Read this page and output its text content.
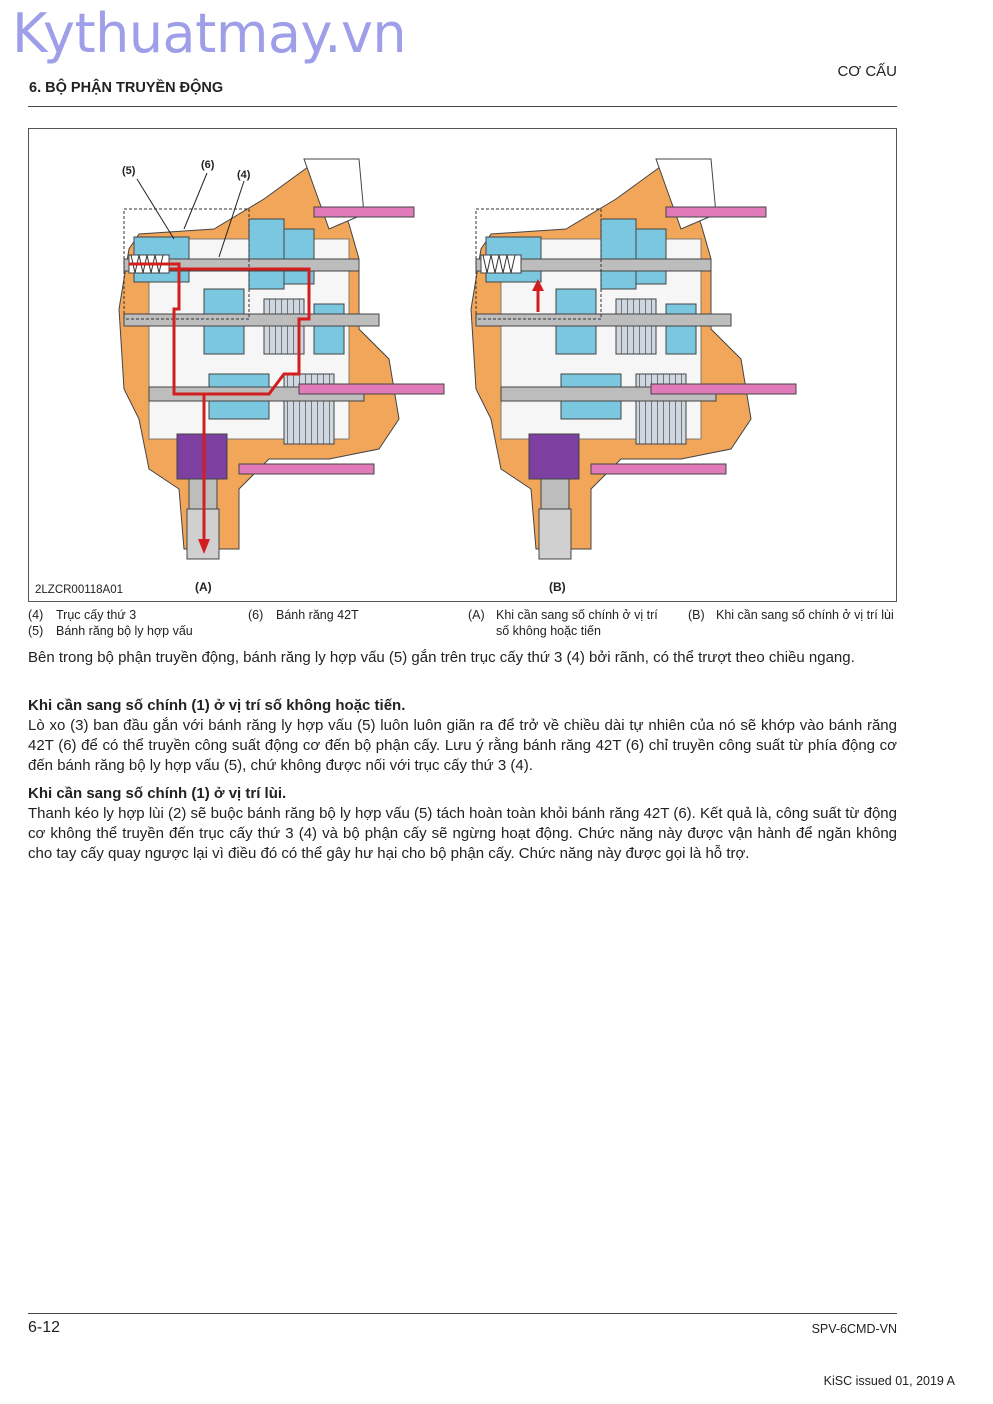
Kythuatmay.vn
CƠ CẤU
6. BỘ PHẬN TRUYỀN ĐỘNG
(5)	(6)
(4)
2LZCR00118A01	(A)	(B)
(4) Trục cấy thứ 3
(5) Bánh răng bộ ly hợp vấu
(6) Bánh răng 42T	(A) Khi cần sang số chính ở vị trí số không hoặc tiến
(B) Khi cần sang số chính ở vị trí lùi
Bên trong bộ phận truyền động, bánh răng ly hợp vấu (5) gắn trên trục cấy thứ 3 (4) bởi rãnh, có thể trượt theo chiều ngang.
Khi cần sang số chính (1) ở vị trí số không hoặc tiến.
Lò xo (3) ban đầu gắn với bánh răng ly hợp vấu (5) luôn luôn giãn ra để trở về chiều dài tự nhiên của nó sẽ khớp vào bánh răng 42T (6) để có thể truyền công suất động cơ đến bộ phận cấy. Lưu ý rằng bánh răng 42T (6) chỉ truyền công suất từ phía động cơ đến bánh răng bộ ly hợp vấu (5), chứ không được nối với trục cấy thứ 3 (4).
Khi cần sang số chính (1) ở vị trí lùi.
Thanh kéo ly hợp lùi (2) sẽ buộc bánh răng bộ ly hợp vấu (5) tách hoàn toàn khỏi bánh răng 42T (6). Kết quả là, công suất từ động cơ không thể truyền đến trục cấy thứ 3 (4) và bộ phận cấy sẽ ngừng hoạt động. Chức năng này được vận hành để ngăn không cho tay cấy quay ngược lại vì điều đó có thể gây hư hại cho bộ phận cấy. Chức năng này được gọi là hỗ trợ.
6-12	SPV-6CMD-VN
KiSC issued 01, 2019 A
